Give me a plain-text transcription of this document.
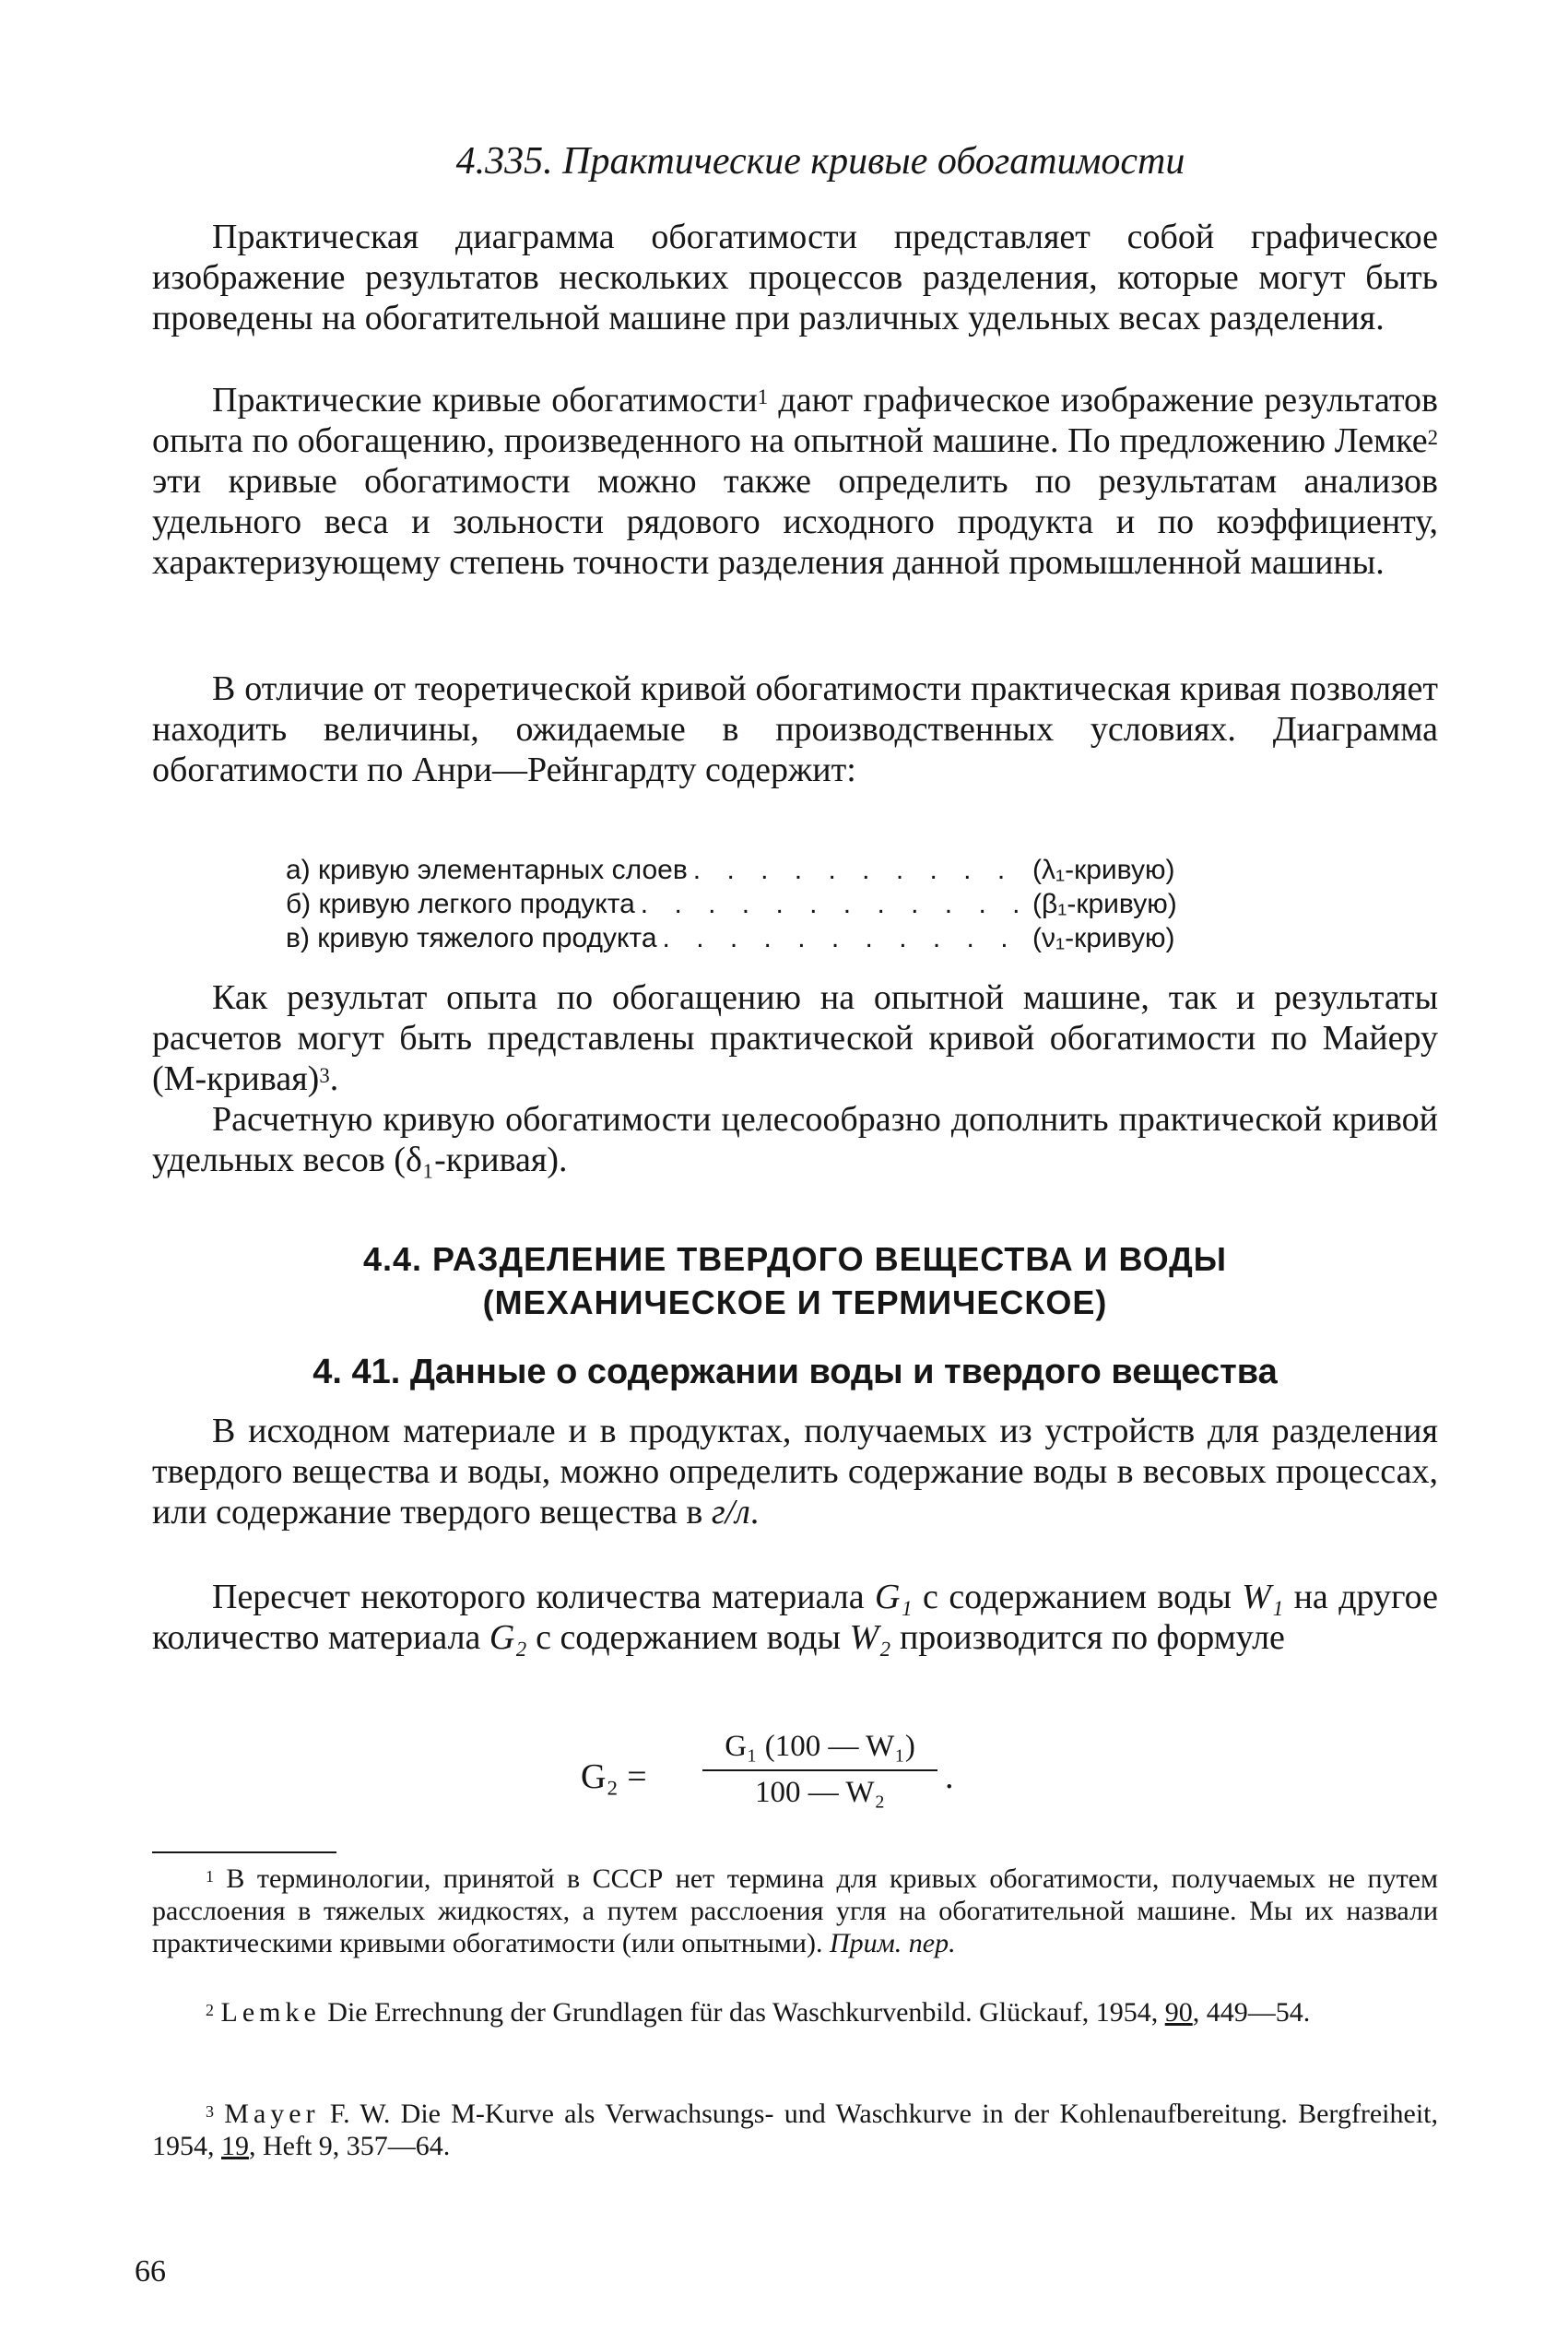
4.335. Практические кривые обогатимости
Практическая диаграмма обогатимости представляет собой графическое изображение результатов нескольких процессов разделения, которые могут быть проведены на обогатительной машине при различных удельных весах разделения.
Практические кривые обогатимости$^1$ дают графическое изображение результатов опыта по обогащению, произведенного на опытной машине. По предложению Лемке$^2$ эти кривые обогатимости можно также определить по результатам анализов удельного веса и зольности рядового исходного продукта и по коэффициенту, характеризующему степень точности разделения данной промышленной машины.
В отличие от теоретической кривой обогатимости практическая кривая позволяет находить величины, ожидаемые в производственных условиях. Диаграмма обогатимости по Анри—Рейнгардту содержит:
а) кривую элементарных слоев . . .	(λ₁-кривую)
б) кривую легкого продукта . . .	(β₁-кривую)
в) кривую тяжелого продукта . . .	(ν₁-кривую)
Как результат опыта по обогащению на опытной машине, так и результаты расчетов могут быть представлены практической кривой обогатимости по Майеру (М-кривая)$^3$.
Расчетную кривую обогатимости целесообразно дополнить практической кривой удельных весов (δ₁-кривая).
4.4. РАЗДЕЛЕНИЕ ТВЕРДОГО ВЕЩЕСТВА И ВОДЫ
(МЕХАНИЧЕСКОЕ И ТЕРМИЧЕСКОЕ)
4. 41. Данные о содержании воды и твердого вещества
В исходном материале и в продуктах, получаемых из устройств для разделения твердого вещества и воды, можно определить содержание воды в весовых процессах, или содержание твердого вещества в г/л.
Пересчет некоторого количества материала G₁ с содержанием воды W₁ на другое количество материала G₂ с содержанием воды W₂ производится по формуле
$G_2 = \frac{\text{G₁ (100 — W₁)}}{\text{100 — W₂}}$ .
$^1$ В терминологии, принятой в СССР нет термина для кривых обогатимости, получаемых не путем расслоения в тяжелых жидкостях, а путем расслоения угля на обогатительной машине. Мы их назвали практическими кривыми обогатимости (или опытными). Прим. пер.
$^2$ Lemke Die Errechnung der Grundlagen für das Waschkurvenbild. Glückauf, 1954, 90, 449—54.
$^3$ Mayer F. W. Die M-Kurve als Verwachsungs- und Waschkurve in der Kohlenaufbereitung. Bergfreiheit, 1954, 19, Heft 9, 357—64.
66
